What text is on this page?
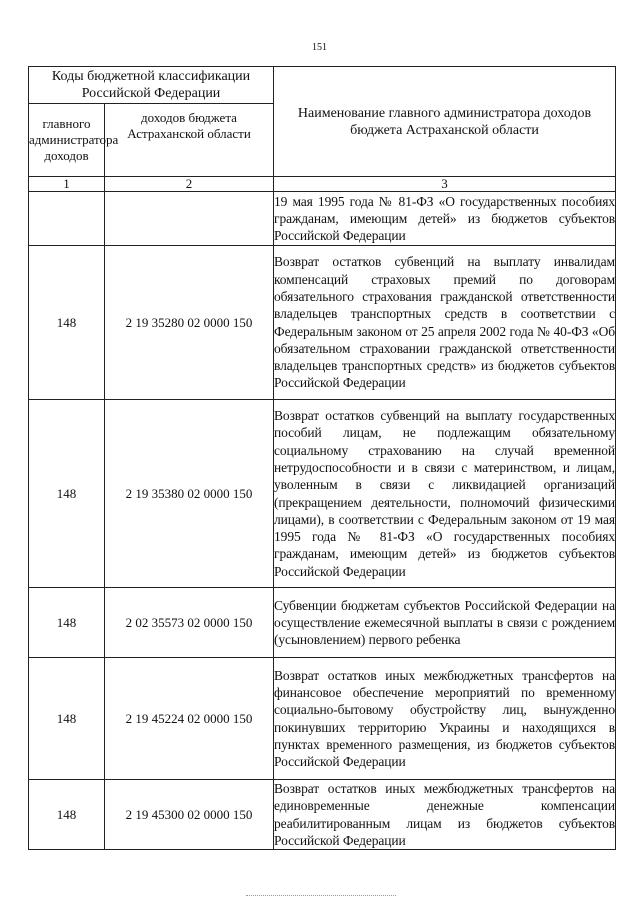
151
Коды бюджетной классификации Российской Федерации		Наименование главного администратора доходов бюджета Астраханской области
главного администратора доходов	доходов бюджета Астраханской области	
1	2	3
		19 мая 1995 года № 81-ФЗ «О государственных пособиях гражданам, имеющим детей» из бюджетов субъектов Российской Федерации
148	2 19 35280 02 0000 150	Возврат остатков субвенций на выплату инвалидам компенсаций страховых премий по договорам обязательного страхования гражданской ответственности владельцев транспортных средств в соответствии с Федеральным законом от 25 апреля 2002 года № 40-ФЗ «Об обязательном страховании гражданской ответственности владельцев транспортных средств» из бюджетов субъектов Российской Федерации
148	2 19 35380 02 0000 150	Возврат остатков субвенций на выплату государственных пособий лицам, не подлежащим обязательному социальному страхованию на случай временной нетрудоспособности и в связи с материнством, и лицам, уволенным в связи с ликвидацией организаций (прекращением деятельности, полномочий физическими лицами), в соответствии с Федеральным законом от 19 мая 1995 года № 81-ФЗ «О государственных пособиях гражданам, имеющим детей» из бюджетов субъектов Российской Федерации
148	2 02 35573 02 0000 150	Субвенции бюджетам субъектов Российской Федерации на осуществление ежемесячной выплаты в связи с рождением (усыновлением) первого ребенка
148	2 19 45224 02 0000 150	Возврат остатков иных межбюджетных трансфертов на финансовое обеспечение мероприятий по временному социально-бытовому обустройству лиц, вынужденно покинувших территорию Украины и находящихся в пунктах временного размещения, из бюджетов субъектов Российской Федерации
148	2 19 45300 02 0000 150	Возврат остатков иных межбюджетных трансфертов на единовременные денежные компенсации реабилитированным лицам из бюджетов субъектов Российской Федерации
